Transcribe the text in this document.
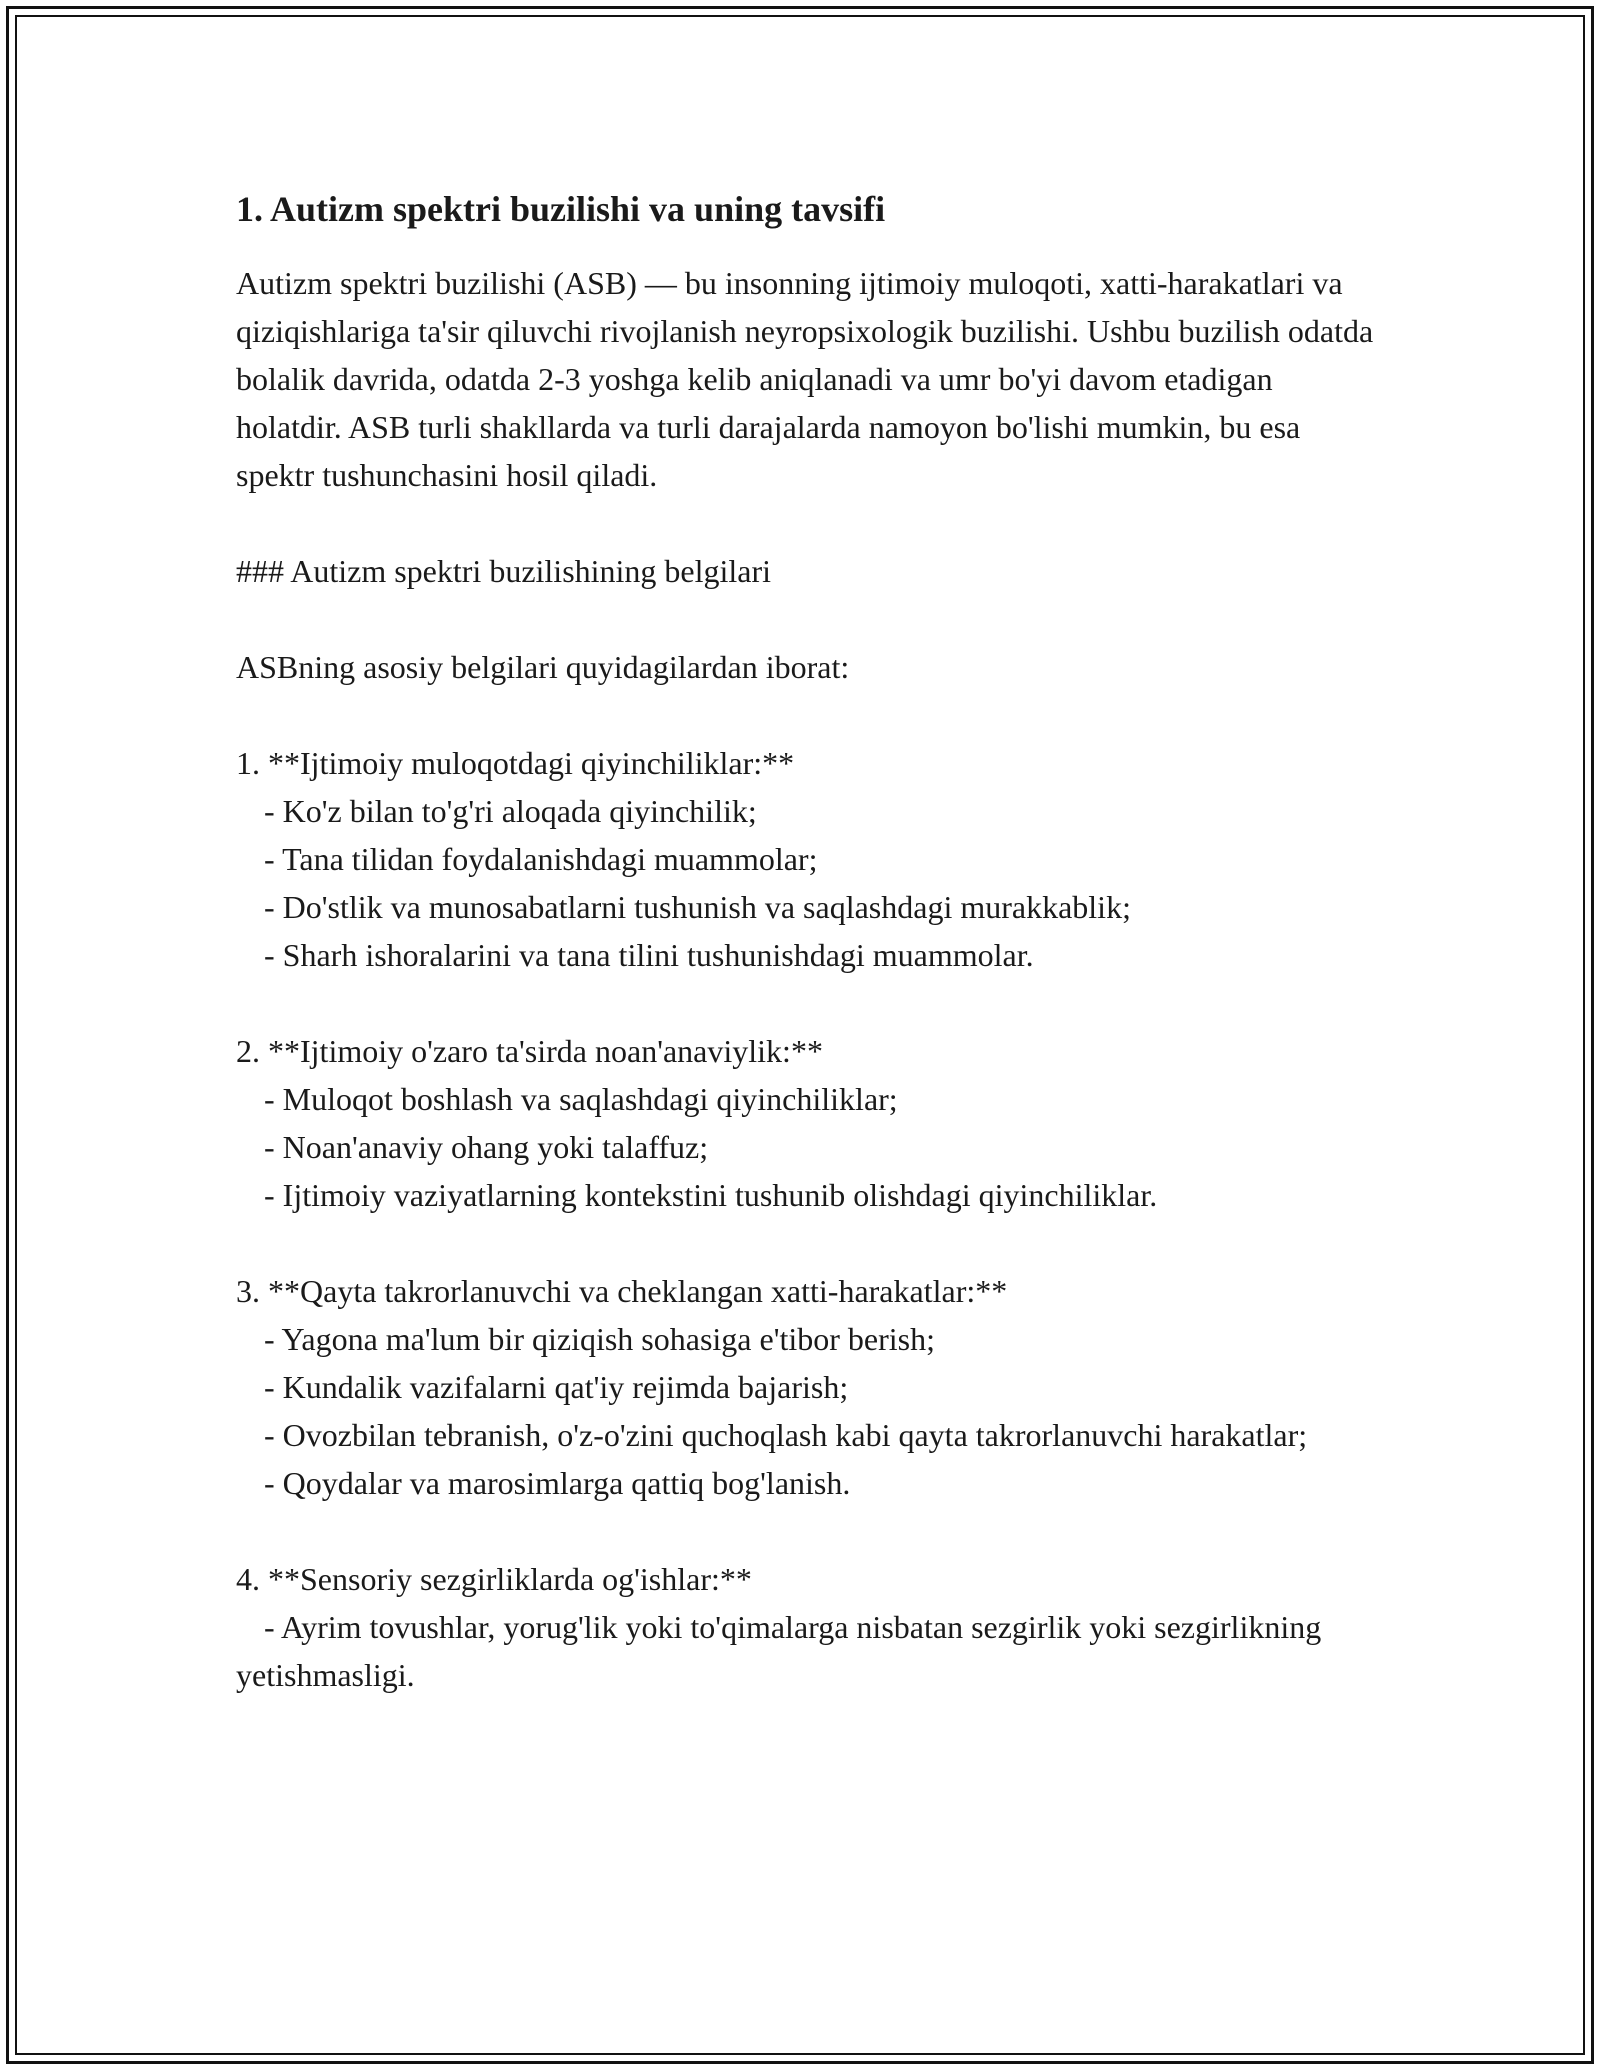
1. Autizm spektri buzilishi va uning tavsifi

Autizm spektri buzilishi (ASB) — bu insonning ijtimoiy muloqoti, xatti-harakatlari va qiziqishlariga ta'sir qiluvchi rivojlanish neyropsixologik buzilishi. Ushbu buzilish odatda bolalik davrida, odatda 2-3 yoshga kelib aniqlanadi va umr bo'yi davom etadigan holatdir. ASB turli shakllarda va turli darajalarda namoyon bo'lishi mumkin, bu esa spektr tushunchasini hosil qiladi.

### Autizm spektri buzilishining belgilari

ASBning asosiy belgilari quyidagilardan iborat:

1. **Ijtimoiy muloqotdagi qiyinchiliklar:**

- Ko'z bilan to'g'ri aloqada qiyinchilik;

- Tana tilidan foydalanishdagi muammolar;

- Do'stlik va munosabatlarni tushunish va saqlashdagi murakkablik;

- Sharh ishoralarini va tana tilini tushunishdagi muammolar.

2. **Ijtimoiy o'zaro ta'sirda noan'anaviylik:**

- Muloqot boshlash va saqlashdagi qiyinchiliklar;

- Noan'anaviy ohang yoki talaffuz;

- Ijtimoiy vaziyatlarning kontekstini tushunib olishdagi qiyinchiliklar.

3. **Qayta takrorlanuvchi va cheklangan xatti-harakatlar:**

- Yagona ma'lum bir qiziqish sohasiga e'tibor berish;

- Kundalik vazifalarni qat'iy rejimda bajarish;

- Ovozbilan tebranish, o'z-o'zini quchoqlash kabi qayta takrorlanuvchi harakatlar;

- Qoydalar va marosimlarga qattiq bog'lanish.

4. **Sensoriy sezgirliklarda og'ishlar:**

- Ayrim tovushlar, yorug'lik yoki to'qimalarga nisbatan sezgirlik yoki sezgirlikning yetishmasligi.
